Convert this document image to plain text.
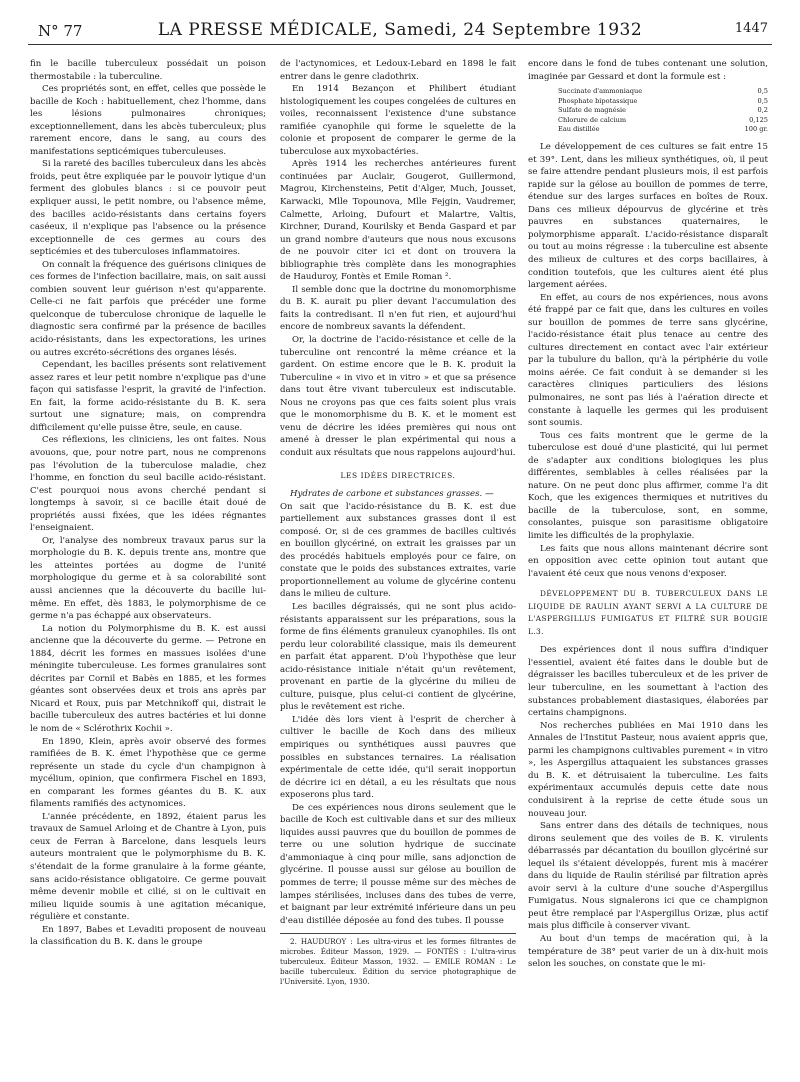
N° 77	LA PRESSE MÉDICALE, Samedi, 24 Septembre 1932	1447

fin le bacille tuberculeux possédait un poison thermostabile : la tuberculine.

Ces propriétés sont, en effet, celles que possède le bacille de Koch : habituellement, chez l'homme, dans les lésions pulmonaires chroniques; exceptionnellement, dans les abcès tuberculeux; plus rarement encore, dans le sang, au cours des manifestations septicémiques tuberculeuses.

Si la rareté des bacilles tuberculeux dans les abcès froids, peut être expliquée par le pouvoir lytique d'un ferment des globules blancs : si ce pouvoir peut expliquer aussi, le petit nombre, ou l'absence même, des bacilles acido-résistants dans certains foyers caséeux, il n'explique pas l'absence ou la présence exceptionnelle de ces germes au cours des septicémies et des tuberculoses inflammatoires.

On connaît la fréquence des guérisons cliniques de ces formes de l'infection bacillaire, mais, on sait aussi combien souvent leur guérison n'est qu'apparente. Celle-ci ne fait parfois que précéder une forme quelconque de tuberculose chronique de laquelle le diagnostic sera confirmé par la présence de bacilles acido-résistants, dans les expectorations, les urines ou autres excréto-sécrétions des organes lésés.

Cependant, les bacilles présents sont relativement assez rares et leur petit nombre n'explique pas d'une façon qui satisfasse l'esprit, la gravité de l'infection. En fait, la forme acido-résistante du B. K. sera surtout une signature; mais, on comprendra difficilement qu'elle puisse être, seule, en cause.

Ces réflexions, les cliniciens, les ont faites. Nous avouons, que, pour notre part, nous ne comprenons pas l'évolution de la tuberculose maladie, chez l'homme, en fonction du seul bacille acido-résistant. C'est pourquoi nous avons cherché pendant si longtemps à savoir, si ce bacille était doué de propriétés aussi fixées, que les idées régnantes l'enseignaient.

Or, l'analyse des nombreux travaux parus sur la morphologie du B. K. depuis trente ans, montre que les atteintes portées au dogme de l'unité morphologique du germe et à sa colorabilité sont aussi anciennes que la découverte du bacille lui-même. En effet, dès 1883, le polymorphisme de ce germe n'a pas échappé aux observateurs.

La notion du Polymorphisme du B. K. est aussi ancienne que la découverte du germe. — Petrone en 1884, décrit les formes en massues isolées d'une méningite tuberculeuse. Les formes granulaires sont décrites par Cornil et Babès en 1885, et les formes géantes sont observées deux et trois ans après par Nicard et Roux, puis par Metchnikoff qui, distrait le bacille tuberculeux des autres bactéries et lui donne le nom de « Sclérothrix Kochii ».

En 1890, Klein, après avoir observé des formes ramifiées de B. K. émet l'hypothèse que ce germe représente un stade du cycle d'un champignon à mycélium, opinion, que confirmera Fischel en 1893, en comparant les formes géantes du B. K. aux filaments ramifiés des actynomices.

L'année précédente, en 1892, étaient parus les travaux de Samuel Arloing et de Chantre à Lyon, puis ceux de Ferran à Barcelone, dans lesquels leurs auteurs montraient que le polymorphisme du B. K. s'étendait de la forme granulaire à la forme géante, sans acido-résistance obligatoire. Ce germe pouvait même devenir mobile et cilié, si on le cultivait en milieu liquide soumis à une agitation mécanique, régulière et constante.

En 1897, Babes et Levaditi proposent de nouveau la classification du B. K. dans le groupe

de l'actynomices, et Ledoux-Lebard en 1898 le fait entrer dans le genre cladothrix.

En 1914 Bezançon et Philibert étudiant histologiquement les coupes congelées de cultures en voiles, reconnaissent l'existence d'une substance ramifiée cyanophile qui forme le squelette de la colonie et proposent de comparer le germe de la tuberculose aux myxobactéries.

Après 1914 les recherches antérieures furent continuées par Auclair, Gougerot, Guillermond, Magrou, Kirchensteins, Petit d'Alger, Much, Jousset, Karwacki, Mlle Topounova, Mlle Fejgin, Vaudremer, Calmette, Arloing, Dufourt et Malartre, Valtis, Kirchner, Durand, Kourilsky et Benda Gaspard et par un grand nombre d'auteurs que nous nous excusons de ne pouvoir citer ici et dont on trouvera la bibliographie très complète dans les monographies de Hauduroy, Fontès et Emile Roman ².

Il semble donc que la doctrine du monomorphisme du B. K. aurait pu plier devant l'accumulation des faits la contredisant. Il n'en fut rien, et aujourd'hui encore de nombreux savants la défendent.

Or, la doctrine de l'acido-résistance et celle de la tuberculine ont rencontré la même créance et la gardent. On estime encore que le B. K. produit la Tuberculine « in vivo et in vitro » et que sa présence dans tout être vivant tuberculeux est indiscutable. Nous ne croyons pas que ces faits soient plus vrais que le monomorphisme du B. K. et le moment est venu de décrire les idées premières qui nous ont amené à dresser le plan expérimental qui nous a conduit aux résultats que nous rappelons aujourd'hui.

LES IDÉES DIRECTRICES.

Hydrates de carbone et substances grasses. —

On sait que l'acido-résistance du B. K. est due partiellement aux substances grasses dont il est composé. Or, si de ces grammes de bacilles cultivés en bouillon glycériné, on extrait les graisses par un des procédés habituels employés pour ce faire, on constate que le poids des substances extraites, varie proportionnellement au volume de glycérine contenu dans le milieu de culture.

Les bacilles dégraissés, qui ne sont plus acido-résistants apparaissent sur les préparations, sous la forme de fins éléments granuleux cyanophiles. Ils ont perdu leur colorabilité classique, mais ils demeurent en parfait état apparent. D'où l'hypothèse que leur acido-résistance initiale n'était qu'un revêtement, provenant en partie de la glycérine du milieu de culture, puisque, plus celui-ci contient de glycérine, plus le revêtement est riche.

L'idée dès lors vient à l'esprit de chercher à cultiver le bacille de Koch dans des milieux empiriques ou synthétiques aussi pauvres que possibles en substances ternaires. La réalisation expérimentale de cette idée, qu'il serait inopportun de décrire ici en détail, a eu les résultats que nous exposerons plus tard.

De ces expériences nous dirons seulement que le bacille de Koch est cultivable dans et sur des milieux liquides aussi pauvres que du bouillon de pommes de terre ou une solution hydrique de succinate d'ammoniaque à cinq pour mille, sans adjonction de glycérine. Il pousse aussi sur gélose au bouillon de pommes de terre; il pousse même sur des mèches de lampes stérilisées, incluses dans des tubes de verre, et baignant par leur extrémité inférieure dans un peu d'eau distillée déposée au fond des tubes. Il pousse

2. HAUDUROY : Les ultra-virus et les formes filtrantes de microbes. Éditeur Masson, 1929. — FONTÈS : L'ultra-virus tuberculeux. Éditeur Masson, 1932. — EMILE ROMAN : Le bacille tuberculeux. Édition du service photographique de l'Université. Lyon, 1930.

encore dans le fond de tubes contenant une solution, imaginée par Gessard et dont la formule est :

Succinate d'ammoniaque	0,5
Phosphate bipotassique	0,5
Sulfate de magnésie	0,2
Chlorure de calcium	0,125
Eau distillée	100 gr.

Le développement de ces cultures se fait entre 15 et 39°. Lent, dans les milieux synthétiques, où, il peut se faire attendre pendant plusieurs mois, il est parfois rapide sur la gélose au bouillon de pommes de terre, étendue sur des larges surfaces en boîtes de Roux. Dans ces milieux dépourvus de glycérine et très pauvres en substances quaternaires, le polymorphisme apparaît. L'acido-résistance disparaît ou tout au moins régresse : la tuberculine est absente des milieux de cultures et des corps bacillaires, à condition toutefois, que les cultures aient été plus largement aérées.

En effet, au cours de nos expériences, nous avons été frappé par ce fait que, dans les cultures en voiles sur bouillon de pommes de terre sans glycérine, l'acido-résistance était plus tenace au centre des cultures directement en contact avec l'air extérieur par la tubulure du ballon, qu'à la périphérie du voile moins aérée. Ce fait conduit à se demander si les caractères cliniques particuliers des lésions pulmonaires, ne sont pas liés à l'aération directe et constante à laquelle les germes qui les produisent sont soumis.

Tous ces faits montrent que le germe de la tuberculose est doué d'une plasticité, qui lui permet de s'adapter aux conditions biologiques les plus différentes, semblables à celles réalisées par la nature. On ne peut donc plus affirmer, comme l'a dit Koch, que les exigences thermiques et nutritives du bacille de la tuberculose, sont, en somme, consolantes, puisque son parasitisme obligatoire limite les difficultés de la prophylaxie.

Les faits que nous allons maintenant décrire sont en opposition avec cette opinion tout autant que l'avaient été ceux que nous venons d'exposer.

DÉVELOPPEMENT DU B. TUBERCULEUX DANS LE LIQUIDE DE RAULIN AYANT SERVI A LA CULTURE DE L'ASPERGILLUS FUMIGATUS ET FILTRÉ SUR BOUGIE L.3.

Des expériences dont il nous suffira d'indiquer l'essentiel, avaient été faites dans le double but de dégraisser les bacilles tuberculeux et de les priver de leur tuberculine, en les soumettant à l'action des substances probablement diastasiques, élaborées par certains champignons.

Nos recherches publiées en Mai 1910 dans les Annales de l'Institut Pasteur, nous avaient appris que, parmi les champignons cultivables purement « in vitro », les Aspergillus attaquaient les substances grasses du B. K. et détruisaient la tuberculine. Les faits expérimentaux accumulés depuis cette date nous conduisirent à la reprise de cette étude sous un nouveau jour.

Sans entrer dans des détails de techniques, nous dirons seulement que des voiles de B. K. virulents débarrassés par décantation du bouillon glycériné sur lequel ils s'étaient développés, furent mis à macérer dans du liquide de Raulin stérilisé par filtration après avoir servi à la culture d'une souche d'Aspergillus Fumigatus. Nous signalerons ici que ce champignon peut être remplacé par l'Aspergillus Orizæ, plus actif mais plus difficile à conserver vivant.

Au bout d'un temps de macération qui, à la température de 38° peut varier de un à dix-huit mois selon les souches, on constate que le mi-
